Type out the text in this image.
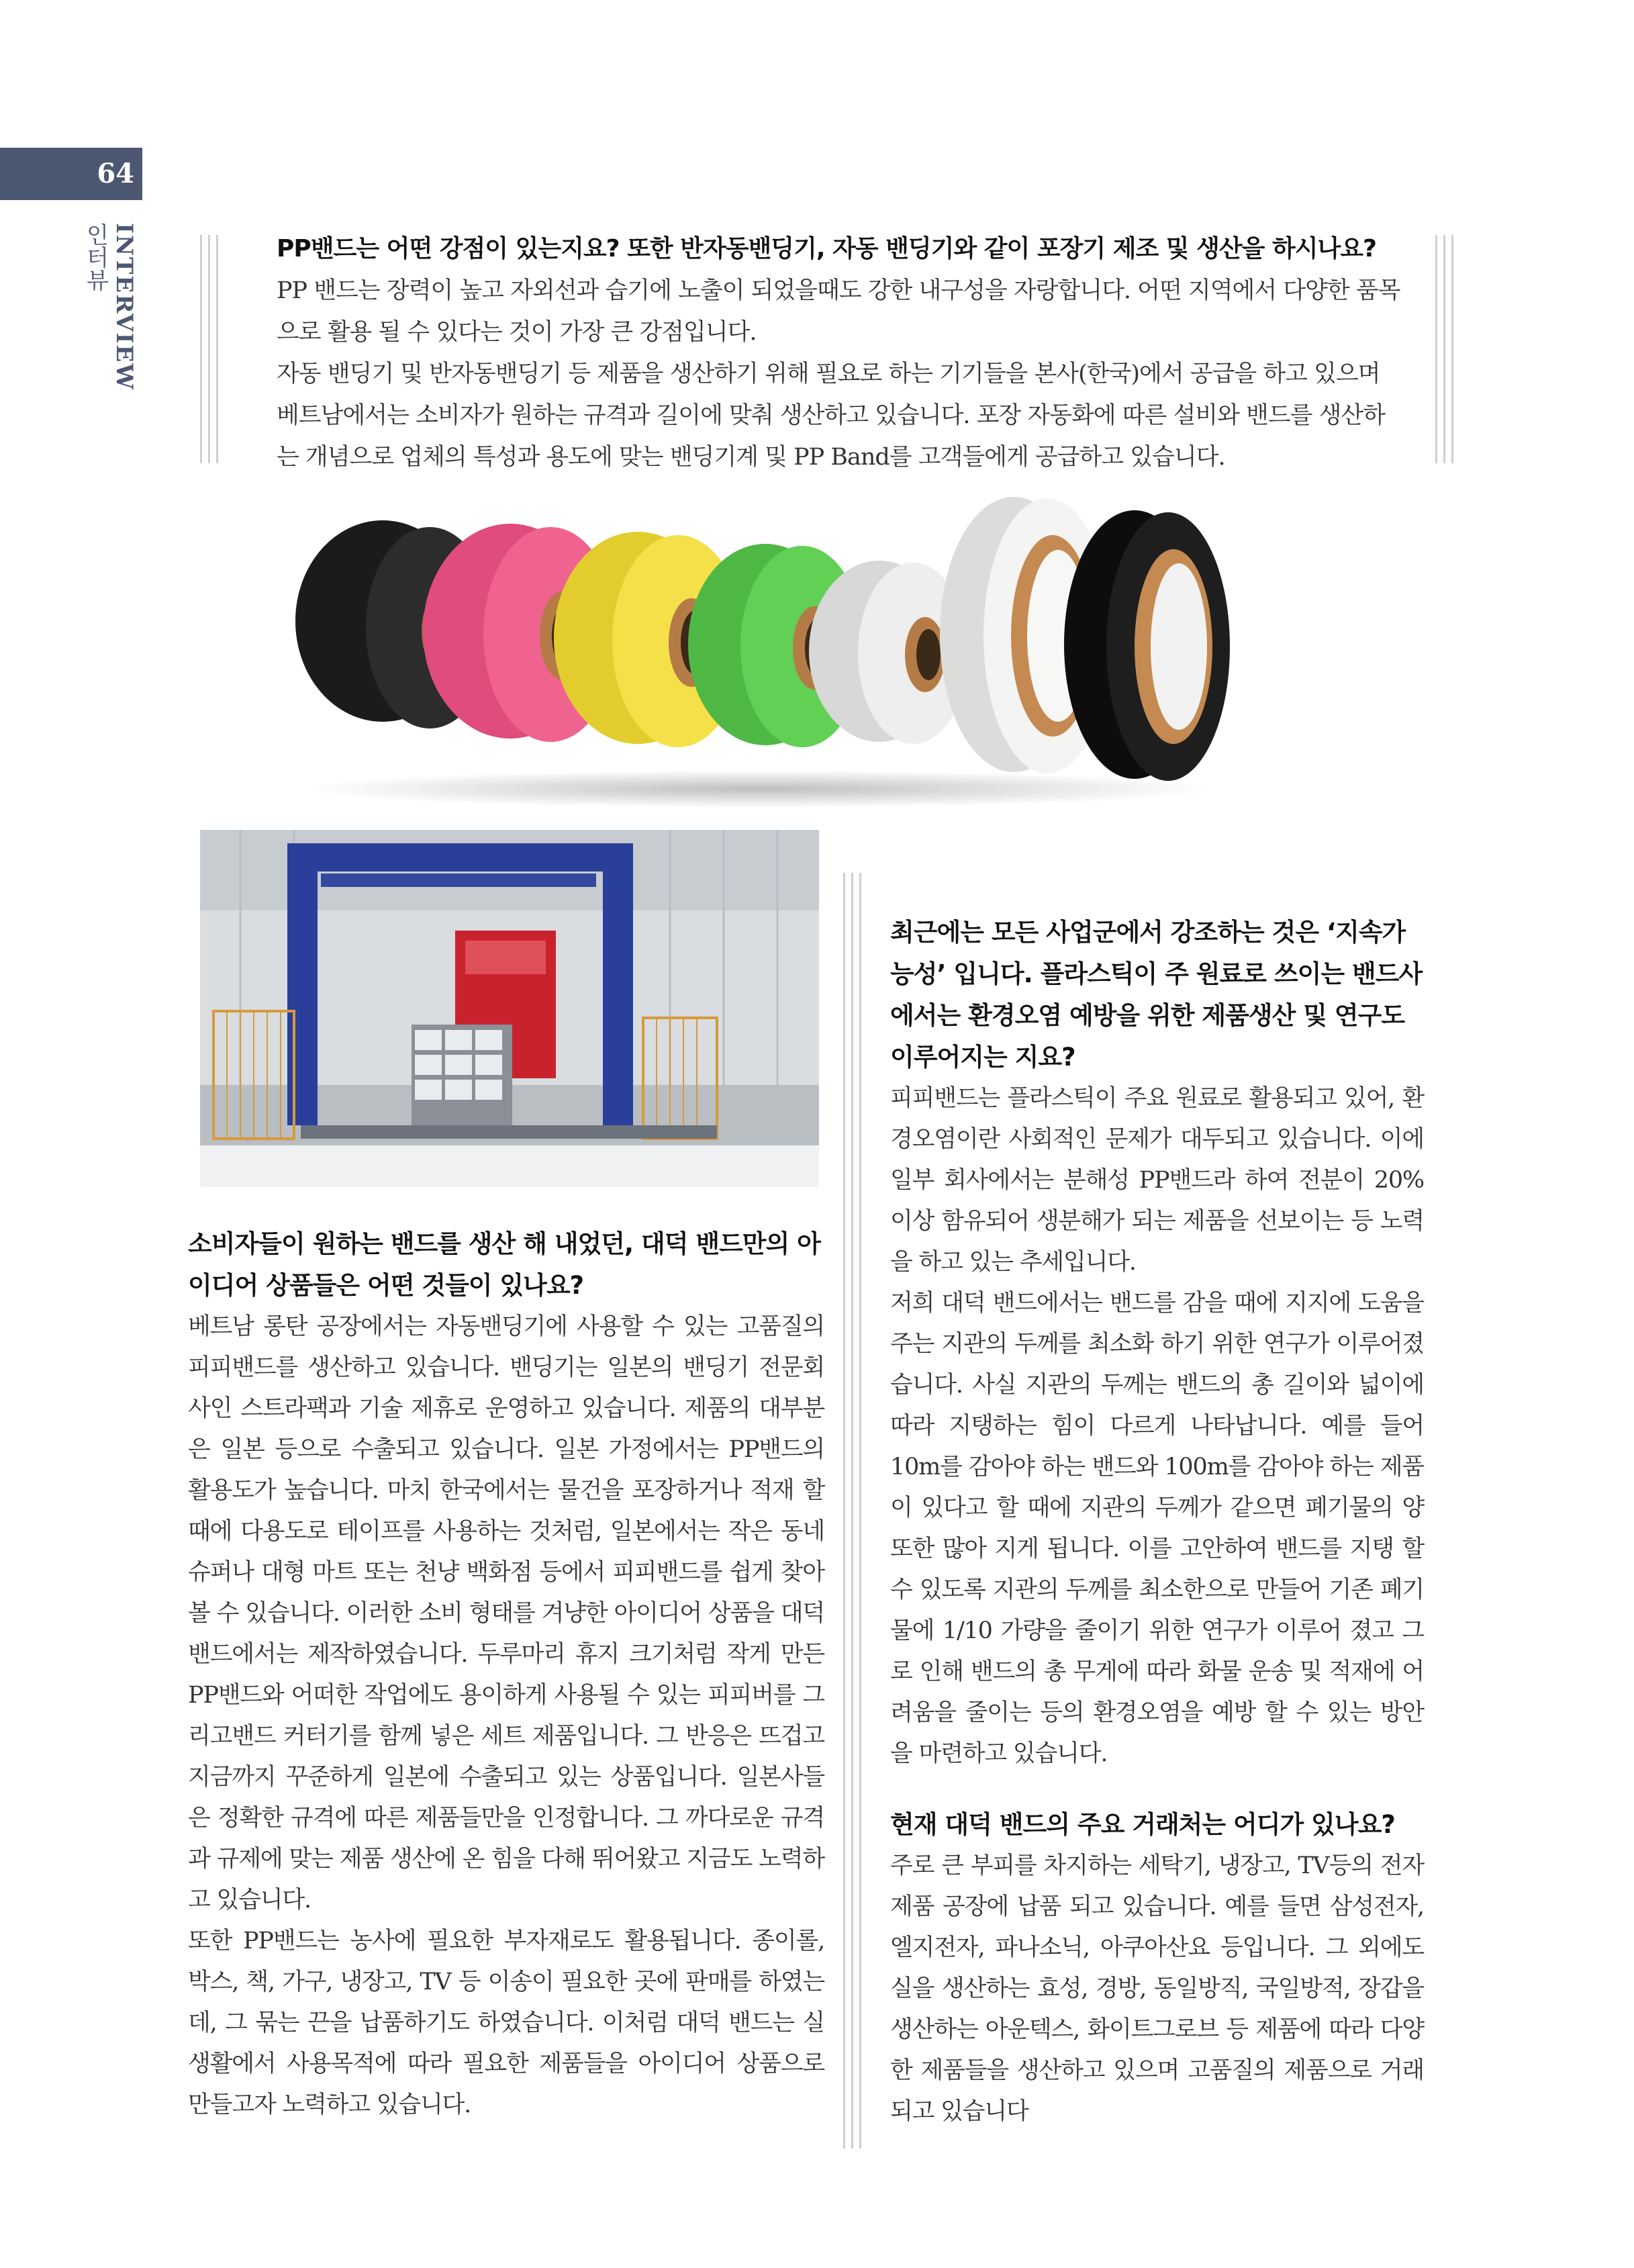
64
인터뷰 INTERVIEW	PP밴드는 어떤 강점이 있는지요? 또한 반자동밴딩기, 자동 밴딩기와 같이 포장기 제조 및 생산을 하시나요?

PP 밴드는 장력이 높고 자외선과 습기에 노출이 되었을때도 강한 내구성을 자랑합니다. 어떤 지역에서 다양한 품목으로 활용 될 수 있다는 것이 가장 큰 강점입니다.

자동 밴딩기 및 반자동밴딩기 등 제품을 생산하기 위해 필요로 하는 기기들을 본사(한국)에서 공급을 하고 있으며 베트남에서는 소비자가 원하는 규격과 길이에 맞춰 생산하고 있습니다. 포장 자동화에 따른 설비와 밴드를 생산하는 개념으로 업체의 특성과 용도에 맞는 밴딩기계 및 PP Band를 고객들에게 공급하고 있습니다.

소비자들이 원하는 밴드를 생산 해 내었던, 대덕 밴드만의 아이디어 상품들은 어떤 것들이 있나요?

베트남 롱탄 공장에서는 자동밴딩기에 사용할 수 있는 고품질의 피피밴드를 생산하고 있습니다. 밴딩기는 일본의 밴딩기 전문회사인 스트라팩과 기술 제휴로 운영하고 있습니다. 제품의 대부분은 일본 등으로 수출되고 있습니다. 일본 가정에서는 PP밴드의 활용도가 높습니다. 마치 한국에서는 물건을 포장하거나 적재 할 때에 다용도로 테이프를 사용하는 것처럼, 일본에서는 작은 동네 슈퍼나 대형 마트 또는 천냥 백화점 등에서 피피밴드를 쉽게 찾아 볼 수 있습니다. 이러한 소비 형태를 겨냥한 아이디어 상품을 대덕밴드에서는 제작하였습니다. 두루마리 휴지 크기처럼 작게 만든 PP밴드와 어떠한 작업에도 용이하게 사용될 수 있는 피피버를 그리고밴드 커터기를 함께 넣은 세트 제품입니다. 그 반응은 뜨겁고 지금까지 꾸준하게 일본에 수출되고 있는 상품입니다. 일본사들은 정확한 규격에 따른 제품들만을 인정합니다. 그 까다로운 규격과 규제에 맞는 제품 생산에 온 힘을 다해 뛰어왔고 지금도 노력하고 있습니다.

또한 PP밴드는 농사에 필요한 부자재로도 활용됩니다. 종이롤, 박스, 책, 가구, 냉장고, TV 등 이송이 필요한 곳에 판매를 하였는데, 그 묶는 끈을 납품하기도 하였습니다. 이처럼 대덕 밴드는 실생활에서 사용목적에 따라 필요한 제품들을 아이디어 상품으로 만들고자 노력하고 있습니다.

최근에는 모든 사업군에서 강조하는 것은 ‘지속가능성’ 입니다. 플라스틱이 주 원료로 쓰이는 밴드사에서는 환경오염 예방을 위한 제품생산 및 연구도 이루어지는 지요?

피피밴드는 플라스틱이 주요 원료로 활용되고 있어, 환경오염이란 사회적인 문제가 대두되고 있습니다. 이에 일부 회사에서는 분해성 PP밴드라 하여 전분이 20%이상 함유되어 생분해가 되는 제품을 선보이는 등 노력을 하고 있는 추세입니다.

저희 대덕 밴드에서는 밴드를 감을 때에 지지에 도움을 주는 지관의 두께를 최소화 하기 위한 연구가 이루어졌습니다. 사실 지관의 두께는 밴드의 총 길이와 넓이에 따라 지탱하는 힘이 다르게 나타납니다. 예를 들어 10m를 감아야 하는 밴드와 100m를 감아야 하는 제품이 있다고 할 때에 지관의 두께가 같으면 폐기물의 양 또한 많아 지게 됩니다. 이를 고안하여 밴드를 지탱 할 수 있도록 지관의 두께를 최소한으로 만들어 기존 폐기물에 1/10 가량을 줄이기 위한 연구가 이루어 졌고 그로 인해 밴드의 총 무게에 따라 화물 운송 및 적재에 어려움을 줄이는 등의 환경오염을 예방 할 수 있는 방안을 마련하고 있습니다.

현재 대덕 밴드의 주요 거래처는 어디가 있나요?

주로 큰 부피를 차지하는 세탁기, 냉장고, TV등의 전자제품 공장에 납품 되고 있습니다. 예를 들면 삼성전자, 엘지전자, 파나소닉, 아쿠아산요 등입니다. 그 외에도 실을 생산하는 효성, 경방, 동일방직, 국일방적, 장갑을 생산하는 아운텍스, 화이트그로브 등 제품에 따라 다양한 제품들을 생산하고 있으며 고품질의 제품으로 거래 되고 있습니다
